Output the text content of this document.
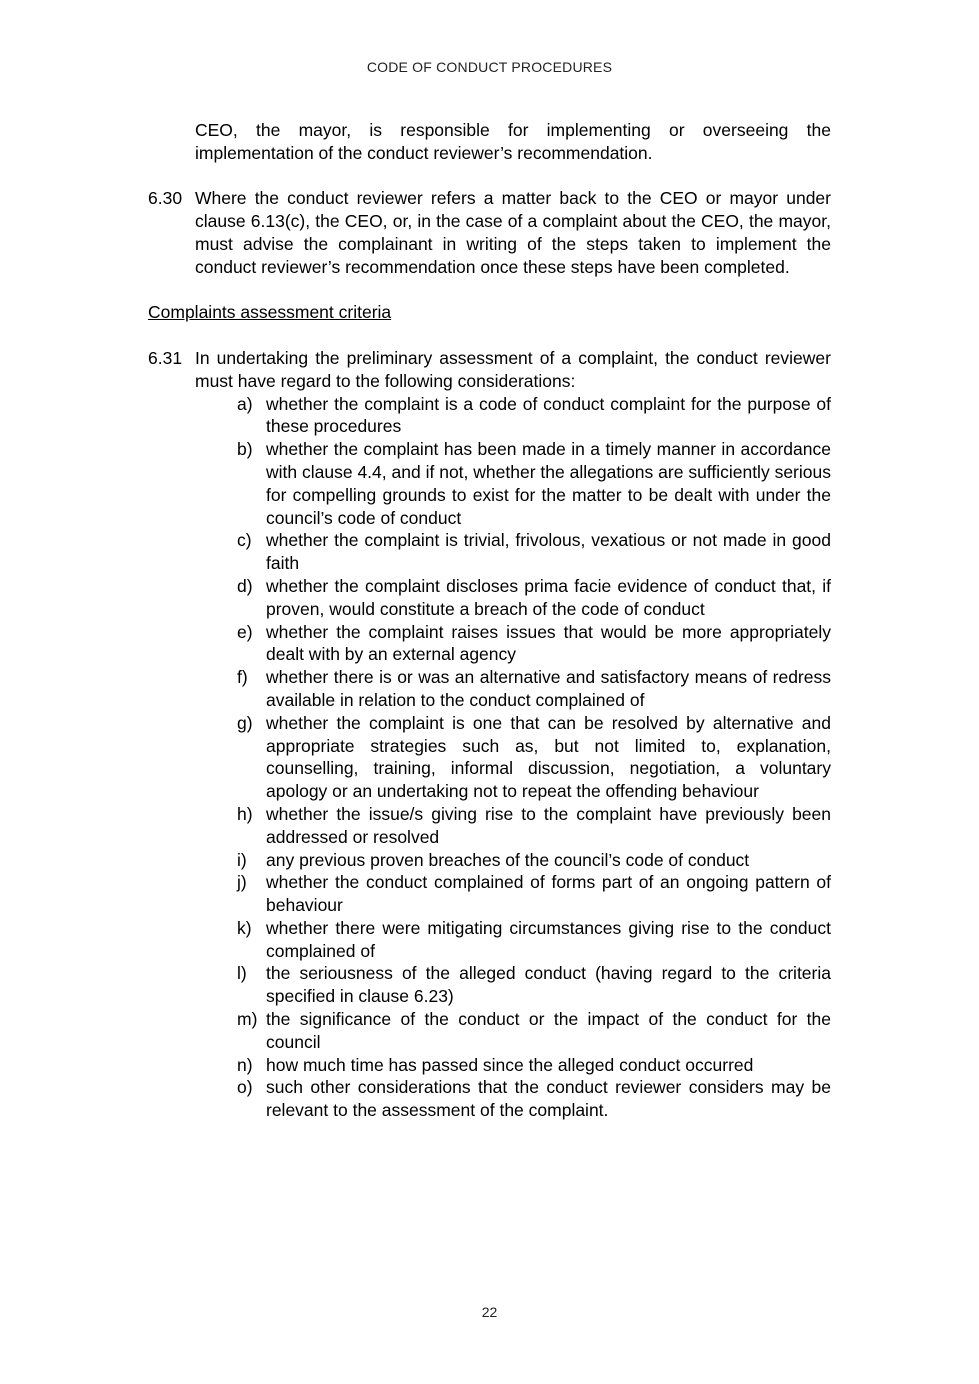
CODE OF CONDUCT PROCEDURES
CEO, the mayor, is responsible for implementing or overseeing the implementation of the conduct reviewer’s recommendation.
6.30 Where the conduct reviewer refers a matter back to the CEO or mayor under clause 6.13(c), the CEO, or, in the case of a complaint about the CEO, the mayor, must advise the complainant in writing of the steps taken to implement the conduct reviewer’s recommendation once these steps have been completed.
Complaints assessment criteria
6.31 In undertaking the preliminary assessment of a complaint, the conduct reviewer must have regard to the following considerations:
a) whether the complaint is a code of conduct complaint for the purpose of these procedures
b) whether the complaint has been made in a timely manner in accordance with clause 4.4, and if not, whether the allegations are sufficiently serious for compelling grounds to exist for the matter to be dealt with under the council’s code of conduct
c) whether the complaint is trivial, frivolous, vexatious or not made in good faith
d) whether the complaint discloses prima facie evidence of conduct that, if proven, would constitute a breach of the code of conduct
e) whether the complaint raises issues that would be more appropriately dealt with by an external agency
f)	whether there is or was an alternative and satisfactory means of redress available in relation to the conduct complained of
g) whether the complaint is one that can be resolved by alternative and appropriate strategies such as, but not limited to, explanation, counselling, training, informal discussion, negotiation, a voluntary apology or an undertaking not to repeat the offending behaviour
h) whether the issue/s giving rise to the complaint have previously been addressed or resolved
i)	any previous proven breaches of the council’s code of conduct
j)	whether the conduct complained of forms part of an ongoing pattern of behaviour
k) whether there were mitigating circumstances giving rise to the conduct complained of
l)	the seriousness of the alleged conduct (having regard to the criteria specified in clause 6.23)
m) the significance of the conduct or the impact of the conduct for the council
n) how much time has passed since the alleged conduct occurred
o) such other considerations that the conduct reviewer considers may be relevant to the assessment of the complaint.
22
